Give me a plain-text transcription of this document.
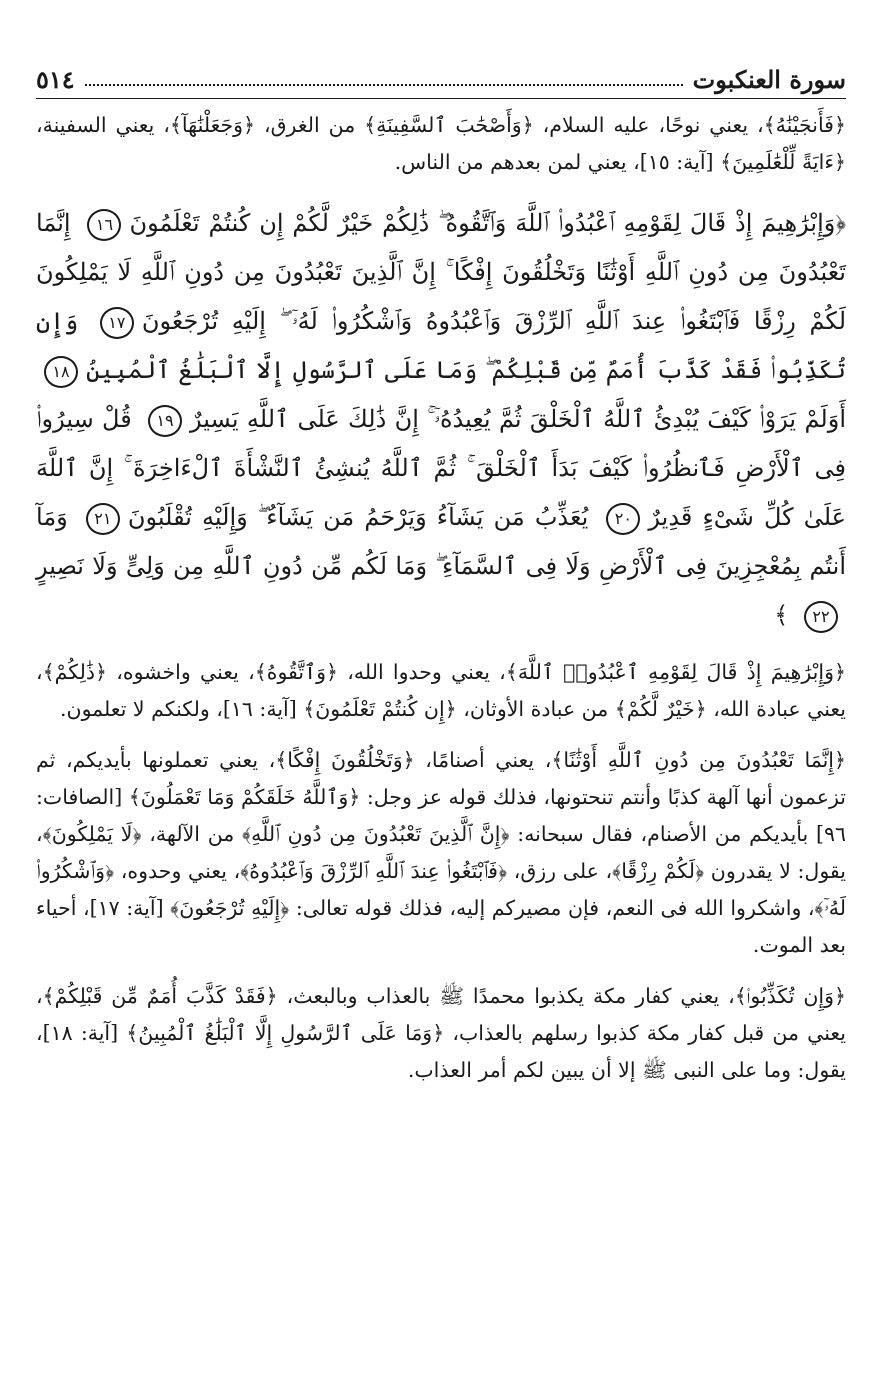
سورة العنكبوت
٥١٤

﴿فَأَنجَيْنَٰهُ﴾، يعني نوحًا، عليه السلام، ﴿وَأَصْحَٰبَ ٱلسَّفِينَةِ﴾ من الغرق، ﴿وَجَعَلْنَٰهَآ﴾، يعني السفينة، ﴿ءَايَةً لِّلْعَٰلَمِينَ﴾ [آية: ١٥]، يعني لمن بعدهم من الناس.

﴿وَإِبْرَٰهِيمَ إِذْ قَالَ لِقَوْمِهِ ٱعْبُدُوا۟ ٱللَّهَ وَٱتَّقُوهُ ۖ ذَٰلِكُمْ خَيْرٌ لَّكُمْ إِن كُنتُمْ تَعْلَمُونَ١٦ إِنَّمَا تَعْبُدُونَ مِن دُونِ ٱللَّهِ أَوْثَٰنًا وَتَخْلُقُونَ إِفْكًا ۚ إِنَّ ٱلَّذِينَ تَعْبُدُونَ مِن دُونِ ٱللَّهِ لَا يَمْلِكُونَ لَكُمْ رِزْقًا فَٱبْتَغُوا۟ عِندَ ٱللَّهِ ٱلرِّزْقَ وَٱعْبُدُوهُ وَٱشْكُرُوا۟ لَهُۥٓ ۖ إِلَيْهِ تُرْجَعُونَ١٧ وَإِن تُكَذِّبُوا۟ فَقَدْ كَذَّبَ أُمَمٌ مِّن قَبْلِكُمْ ۖ وَمَا عَلَى ٱلرَّسُولِ إِلَّا ٱلْبَلَٰغُ ٱلْمُبِينُ١٨ أَوَلَمْ يَرَوْا۟ كَيْفَ يُبْدِئُ ٱللَّهُ ٱلْخَلْقَ ثُمَّ يُعِيدُهُۥٓ ۚ إِنَّ ذَٰلِكَ عَلَى ٱللَّهِ يَسِيرٌ١٩ قُلْ سِيرُوا۟ فِى ٱلْأَرْضِ فَٱنظُرُوا۟ كَيْفَ بَدَأَ ٱلْخَلْقَ ۚ ثُمَّ ٱللَّهُ يُنشِئُ ٱلنَّشْأَةَ ٱلْءَاخِرَةَ ۚ إِنَّ ٱللَّهَ عَلَىٰ كُلِّ شَىْءٍ قَدِيرٌ٢٠ يُعَذِّبُ مَن يَشَآءُ وَيَرْحَمُ مَن يَشَآءُ ۖ وَإِلَيْهِ تُقْلَبُونَ٢١ وَمَآ أَنتُم بِمُعْجِزِينَ فِى ٱلْأَرْضِ وَلَا فِى ٱلسَّمَآءِ ۖ وَمَا لَكُم مِّن دُونِ ٱللَّهِ مِن وَلِىٍّ وَلَا نَصِيرٍ٢٢ ﴾

﴿وَإِبْرَٰهِيمَ إِذْ قَالَ لِقَوْمِهِ ٱعْبُدُوا۟ ٱللَّهَ﴾، يعني وحدوا الله، ﴿وَٱتَّقُوهُ﴾، يعني واخشوه، ﴿ذَٰلِكُمْ﴾، يعني عبادة الله، ﴿خَيْرٌ لَّكُمْ﴾ من عبادة الأوثان، ﴿إِن كُنتُمْ تَعْلَمُونَ﴾ [آية: ١٦]، ولكنكم لا تعلمون.

﴿إِنَّمَا تَعْبُدُونَ مِن دُونِ ٱللَّهِ أَوْثَٰنًا﴾، يعني أصنامًا، ﴿وَتَخْلُقُونَ إِفْكًا﴾، يعني تعملونها بأيديكم، ثم تزعمون أنها آلهة كذبًا وأنتم تنحتونها، فذلك قوله عز وجل: ﴿وَٱللَّهُ خَلَقَكُمْ وَمَا تَعْمَلُونَ﴾ [الصافات: ٩٦] بأيديكم من الأصنام، فقال سبحانه: ﴿إِنَّ ٱلَّذِينَ تَعْبُدُونَ مِن دُونِ ٱللَّهِ﴾ من الآلهة، ﴿لَا يَمْلِكُونَ﴾، يقول: لا يقدرون ﴿لَكُمْ رِزْقًا﴾، على رزق، ﴿فَٱبْتَغُوا۟ عِندَ ٱللَّهِ ٱلرِّزْقَ وَٱعْبُدُوهُ﴾، يعني وحدوه، ﴿وَٱشْكُرُوا۟ لَهُۥٓ﴾، واشكروا الله فى النعم، فإن مصيركم إليه، فذلك قوله تعالى: ﴿إِلَيْهِ تُرْجَعُونَ﴾ [آية: ١٧]، أحياء بعد الموت.

﴿وَإِن تُكَذِّبُوا۟﴾، يعني كفار مكة يكذبوا محمدًا ﷺ بالعذاب وبالبعث، ﴿فَقَدْ كَذَّبَ أُمَمٌ مِّن قَبْلِكُمْ﴾، يعني من قبل كفار مكة كذبوا رسلهم بالعذاب، ﴿وَمَا عَلَى ٱلرَّسُولِ إِلَّا ٱلْبَلَٰغُ ٱلْمُبِينُ﴾ [آية: ١٨]، يقول: وما على النبى ﷺ إلا أن يبين لكم أمر العذاب.
